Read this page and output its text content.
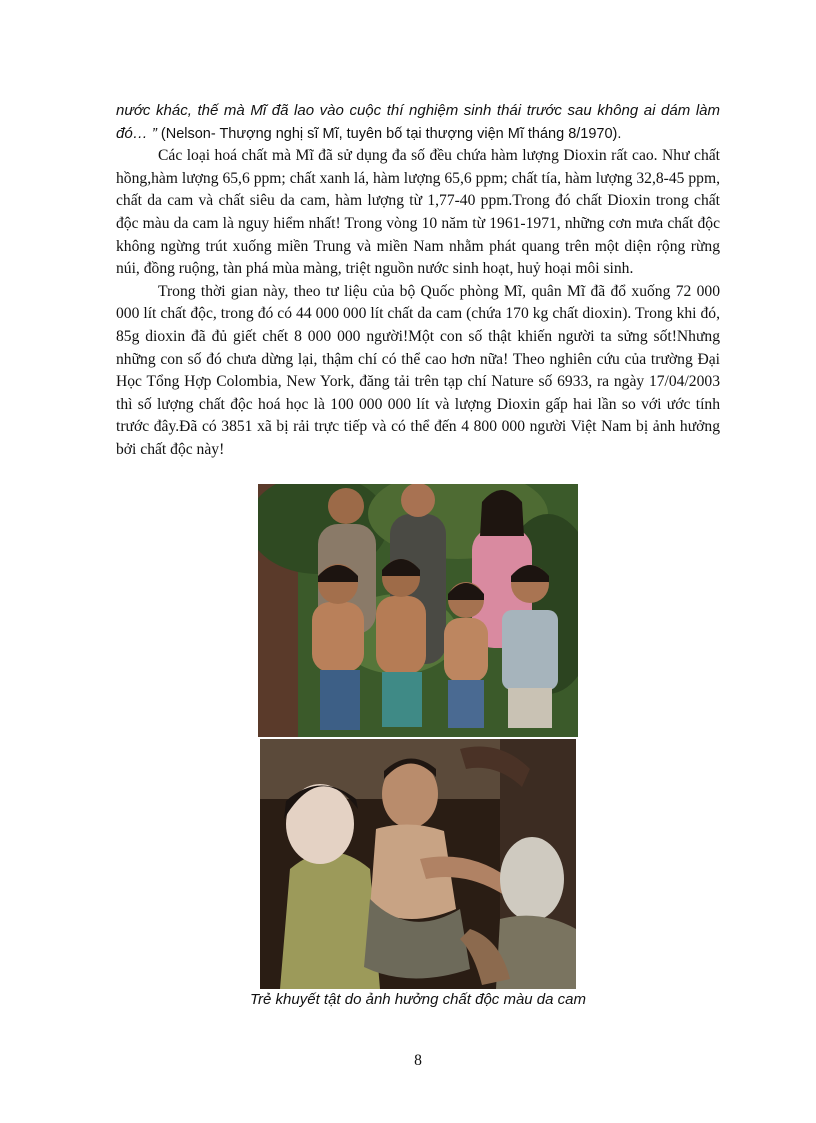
nước khác, thế mà Mĩ đã lao vào cuộc thí nghiệm sinh thái trước sau không ai dám làm đó… ” (Nelson- Thượng nghị sĩ Mĩ, tuyên bố tại thượng viện Mĩ tháng 8/1970).

Các loại hoá chất mà Mĩ đã sử dụng đa số đều chứa hàm lượng Dioxin rất cao. Như chất hồng,hàm lượng 65,6 ppm; chất xanh lá, hàm lượng 65,6 ppm; chất tía, hàm lượng 32,8-45 ppm, chất da cam và chất siêu da cam, hàm lượng từ 1,77-40 ppm.Trong đó chất Dioxin trong chất độc màu da cam là nguy hiểm nhất! Trong vòng 10 năm từ 1961-1971, những cơn mưa chất độc không ngừng trút xuống miền Trung và miền Nam nhằm phát quang trên một diện rộng rừng núi, đồng ruộng, tàn phá mùa màng, triệt nguồn nước sinh hoạt, huỷ hoại môi sinh.

Trong thời gian này, theo tư liệu của bộ Quốc phòng Mĩ, quân Mĩ đã đổ xuống 72 000 000 lít chất độc, trong đó có 44 000 000 lít chất da cam (chứa 170 kg chất dioxin). Trong khi đó, 85g dioxin đã đủ giết chết 8 000 000 người!Một con số thật khiến người ta sửng sốt!Nhưng những con số đó chưa dừng lại, thậm chí có thể cao hơn nữa! Theo nghiên cứu của trường Đại Học Tổng Hợp Colombia, New York, đăng tải trên tạp chí Nature số 6933, ra ngày 17/04/2003 thì số lượng chất độc hoá học là 100 000 000 lít và lượng Dioxin gấp hai lần so với ước tính trước đây.Đã có 3851 xã bị rải trực tiếp và có thể đến 4 800 000 người Việt Nam bị ảnh hưởng bởi chất độc này!

Trẻ khuyết tật do ảnh hưởng chất độc màu da cam
8
